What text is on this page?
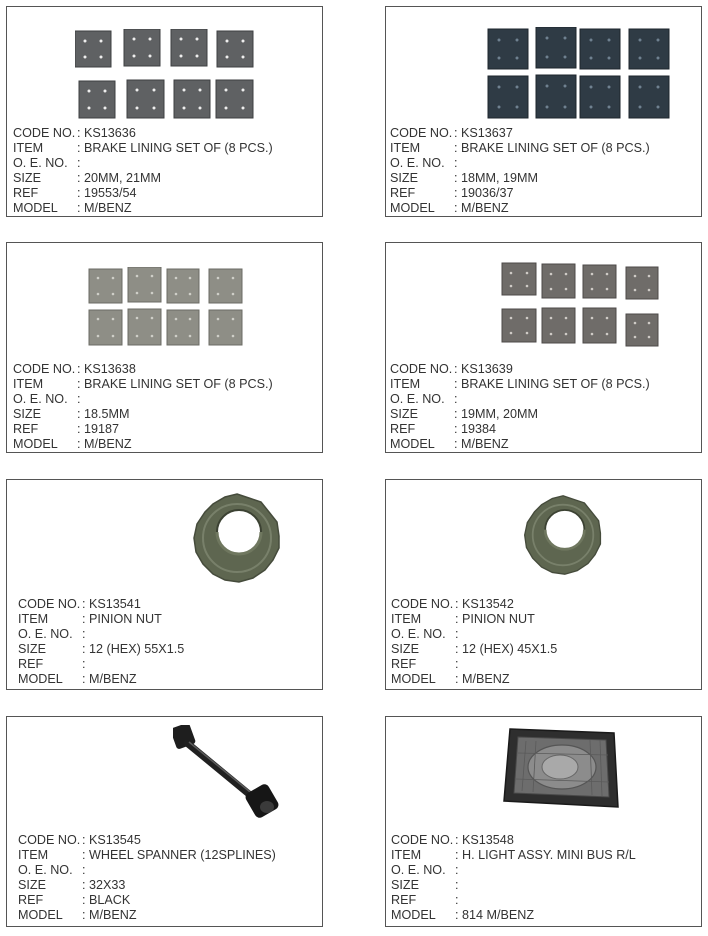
CODE NO. : KS13636
ITEM	: BRAKE LINING SET OF (8 PCS.)
O. E. NO. :
SIZE	: 20MM, 21MM
REF	: 19553/54
MODEL	: M/BENZ
CODE NO. : KS13637
ITEM	: BRAKE LINING SET OF (8 PCS.)
O. E. NO. :
SIZE	: 18MM, 19MM
REF	: 19036/37
MODEL	: M/BENZ
CODE NO. : KS13638
ITEM	: BRAKE LINING SET OF (8 PCS.)
O. E. NO. :
SIZE	: 18.5MM
REF	: 19187
MODEL	: M/BENZ
CODE NO. : KS13639
ITEM	: BRAKE LINING SET OF (8 PCS.)
O. E. NO. :
SIZE	: 19MM, 20MM
REF	: 19384
MODEL	: M/BENZ
CODE NO. : KS13541
ITEM	: PINION NUT
O. E. NO. :
SIZE	: 12 (HEX) 55X1.5
REF	:
MODEL	: M/BENZ
CODE NO. : KS13542
ITEM	: PINION NUT
O. E. NO. :
SIZE	: 12 (HEX) 45X1.5
REF	:
MODEL	: M/BENZ
CODE NO. : KS13545
ITEM	: WHEEL SPANNER (12SPLINES)
O. E. NO. :
SIZE	: 32X33
REF	: BLACK
MODEL	: M/BENZ
CODE NO. : KS13548
ITEM	: H. LIGHT ASSY. MINI BUS R/L
O. E. NO. :
SIZE	:
REF	:
MODEL	: 814 M/BENZ
